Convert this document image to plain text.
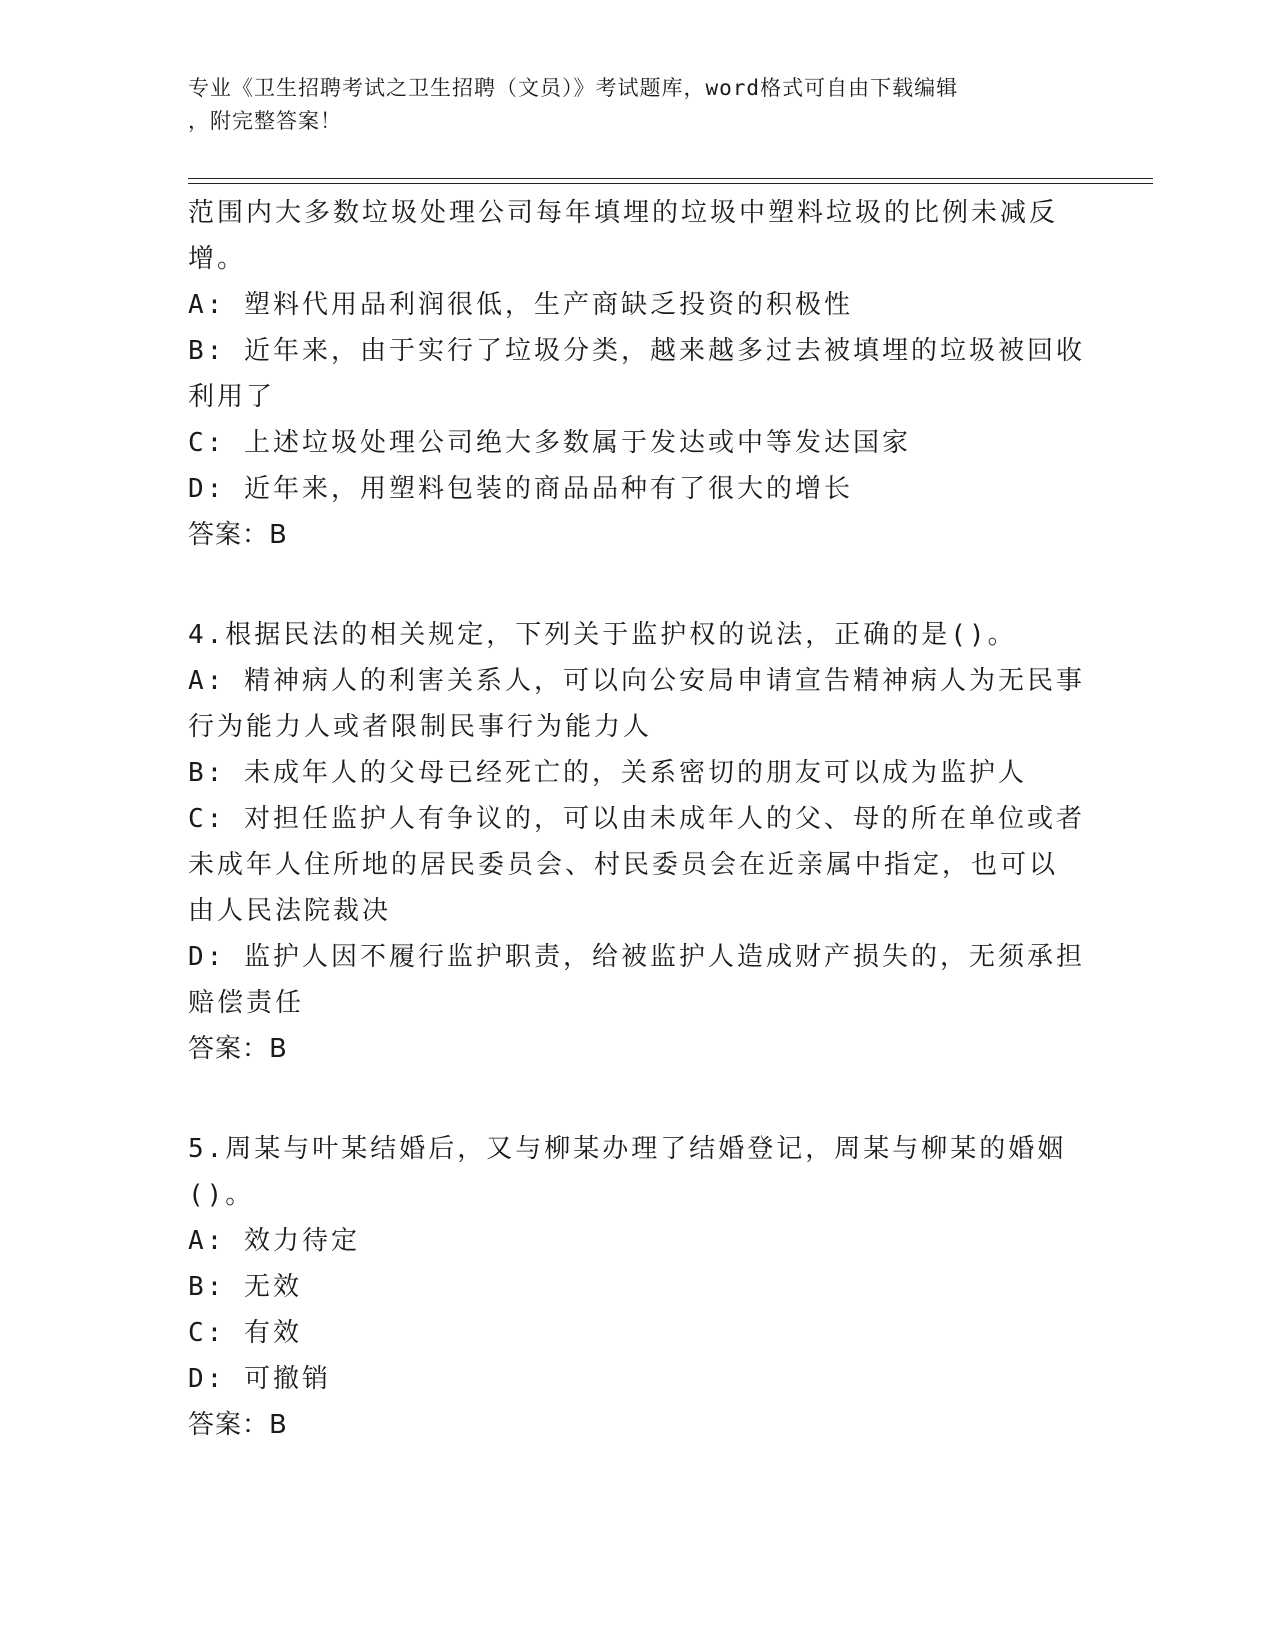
专业《卫生招聘考试之卫生招聘（文员）》考试题库，word格式可自由下载编辑
，附完整答案！
范围内大多数垃圾处理公司每年填埋的垃圾中塑料垃圾的比例未减反
增。
A: 塑料代用品利润很低，生产商缺乏投资的积极性
B: 近年来，由于实行了垃圾分类，越来越多过去被填埋的垃圾被回收
利用了
C: 上述垃圾处理公司绝大多数属于发达或中等发达国家
D: 近年来，用塑料包装的商品品种有了很大的增长
答案：B
4.根据民法的相关规定，下列关于监护权的说法，正确的是()。
A: 精神病人的利害关系人，可以向公安局申请宣告精神病人为无民事
行为能力人或者限制民事行为能力人
B: 未成年人的父母已经死亡的，关系密切的朋友可以成为监护人
C: 对担任监护人有争议的，可以由未成年人的父、母的所在单位或者
未成年人住所地的居民委员会、村民委员会在近亲属中指定，也可以
由人民法院裁决
D: 监护人因不履行监护职责，给被监护人造成财产损失的，无须承担
赔偿责任
答案：B
5.周某与叶某结婚后，又与柳某办理了结婚登记，周某与柳某的婚姻
()。
A: 效力待定
B: 无效
C: 有效
D: 可撤销
答案：B
